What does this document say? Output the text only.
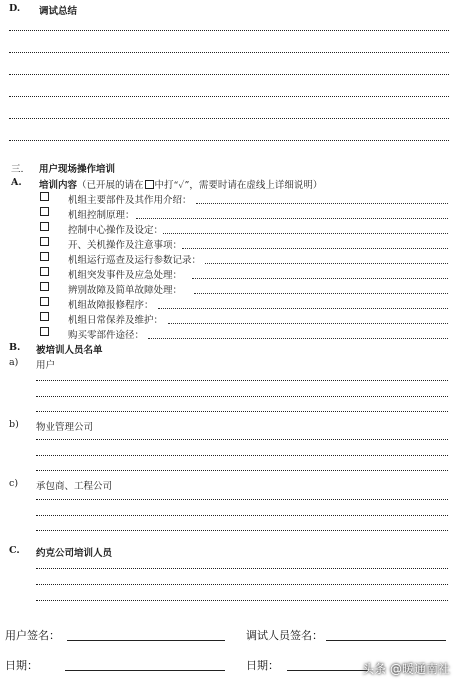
D. 调试总结
三. 用户现场操作培训
A. 培训内容（已开展的请在 中打“✓”，需要时请在虚线上详细说明）
机组主要部件及其作用介绍：
机组控制原理：
控制中心操作及设定：
开、关机操作及注意事项：
机组运行巡查及运行参数记录：
机组突发事件及应急处理：
辨别故障及简单故障处理：
机组故障报修程序：
机组日常保养及维护：
购买零部件途径：
B. 被培训人员名单
a) 用户
b) 物业管理公司
c) 承包商、工程公司
C. 约克公司培训人员
用户签名：	调试人员签名：
日期：	日期：	头条 @暖通南社
